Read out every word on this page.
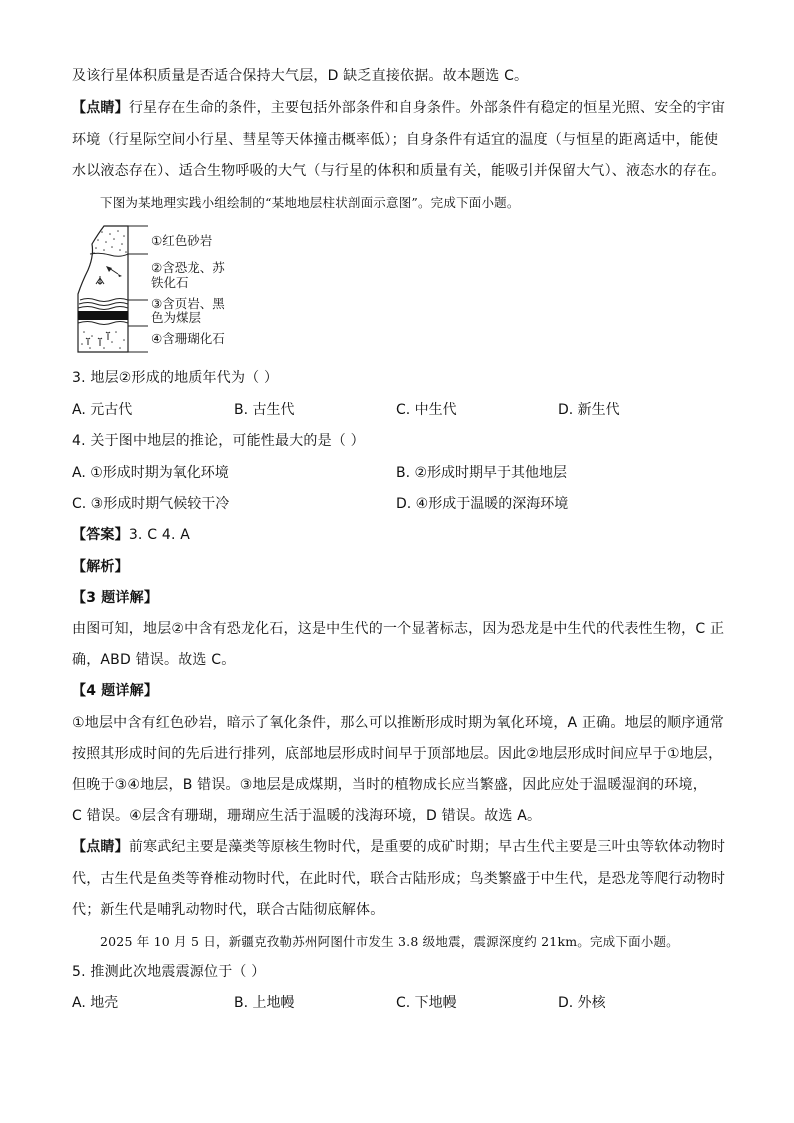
及该行星体积质量是否适合保持大气层，D 缺乏直接依据。故本题选 C。
【点睛】行星存在生命的条件，主要包括外部条件和自身条件。外部条件有稳定的恒星光照、安全的宇宙
环境（行星际空间小行星、彗星等天体撞击概率低）；自身条件有适宜的温度（与恒星的距离适中，能使
水以液态存在）、适合生物呼吸的大气（与行星的体积和质量有关，能吸引并保留大气）、液态水的存在。
下图为某地理实践小组绘制的“某地地层柱状剖面示意图”。完成下面小题。
①红色砂岩
②含恐龙、苏
铁化石
③含页岩、黑
色为煤层
④含珊瑚化石
3. 地层②形成的地质年代为（ ）
A. 元古代	B. 古生代	C. 中生代	D. 新生代
4. 关于图中地层的推论，可能性最大的是（ ）
A. ①形成时期为氧化环境	B. ②形成时期早于其他地层
C. ③形成时期气候较干冷	D. ④形成于温暖的深海环境
【答案】3. C 4. A
【解析】
【3 题详解】
由图可知，地层②中含有恐龙化石，这是中生代的一个显著标志，因为恐龙是中生代的代表性生物，C 正
确，ABD 错误。故选 C。
【4 题详解】
①地层中含有红色砂岩，暗示了氧化条件，那么可以推断形成时期为氧化环境，A 正确。地层的顺序通常
按照其形成时间的先后进行排列，底部地层形成时间早于顶部地层。因此②地层形成时间应早于①地层，
但晚于③④地层，B 错误。③地层是成煤期，当时的植物成长应当繁盛，因此应处于温暖湿润的环境，
C 错误。④层含有珊瑚，珊瑚应生活于温暖的浅海环境，D 错误。故选 A。
【点睛】前寒武纪主要是藻类等原核生物时代，是重要的成矿时期；早古生代主要是三叶虫等软体动物时
代，古生代是鱼类等脊椎动物时代，在此时代，联合古陆形成；鸟类繁盛于中生代，是恐龙等爬行动物时
代；新生代是哺乳动物时代，联合古陆彻底解体。
2025 年 10 月 5 日，新疆克孜勒苏州阿图什市发生 3.8 级地震，震源深度约 21km。完成下面小题。
5. 推测此次地震震源位于（ ）
A. 地壳	B. 上地幔	C. 下地幔	D. 外核
